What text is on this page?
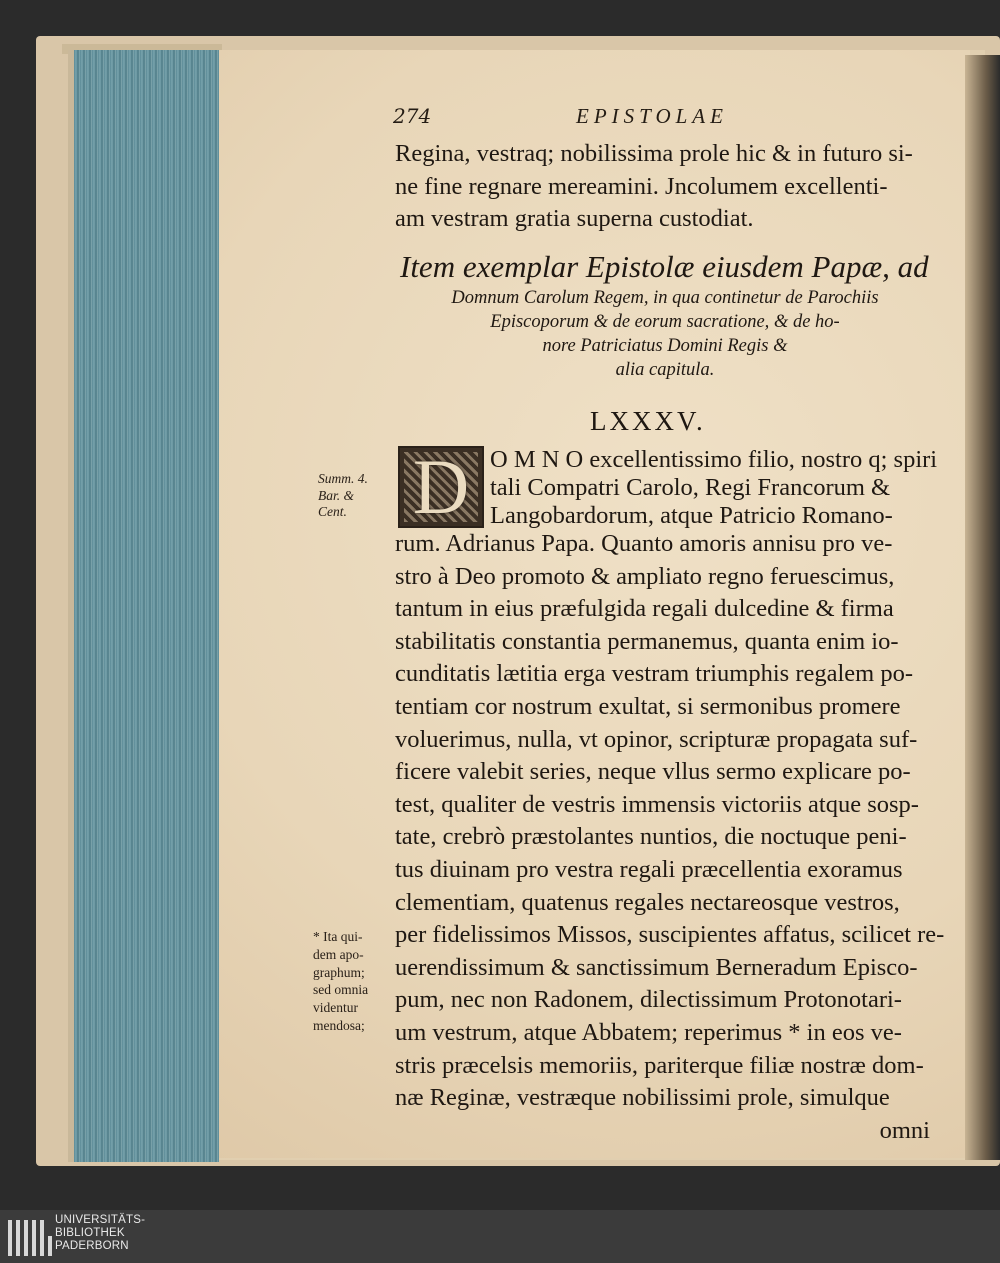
274	EPISTOLAE
Regina, vestraq; nobilissima prole hic & in futuro si-
ne fine regnare mereamini. Jncolumem excellenti-
am vestram gratia superna custodiat.
Item exemplar Epistolæ eiusdem Papæ, ad
Domnum Carolum Regem, in qua continetur de Parochiis
Episcoporum & de eorum sacratione, & de ho-
nore Patriciatus Domini Regis &
alia capitula.
LXXXV.
D O M N O excellentissimo filio, nostro q; spiri
tali Compatri Carolo, Regi Francorum &
Langobardorum, atque Patricio Romano-
rum. Adrianus Papa. Quanto amoris annisu pro ve-
stro à Deo promoto & ampliato regno feruescimus,
tantum in eius præfulgida regali dulcedine & firma
stabilitatis constantia permanemus, quanta enim io-
cunditatis lætitia erga vestram triumphis regalem po-
tentiam cor nostrum exultat, si sermonibus promere
voluerimus, nulla, vt opinor, scripturæ propagata suf-
ficere valebit series, neque vllus sermo explicare po-
test, qualiter de vestris immensis victoriis atque sosp-
tate, crebrò præstolantes nuntios, die noctuque peni-
tus diuinam pro vestra regali præcellentia exoramus
clementiam, quatenus regales nectareosque vestros,
per fidelissimos Missos, suscipientes affatus, scilicet re-
uerendissimum & sanctissimum Berneradum Episco-
pum, nec non Radonem, dilectissimum Protonotari-
um vestrum, atque Abbatem; reperimus * in eos ve-
stris præcelsis memoriis, pariterque filiæ nostræ dom-
næ Reginæ, vestræque nobilissimi prole, simulque
omni
Summ. 4.
Bar. &
Cent.
* Ita qui-
dem apo-
graphum;
sed omnia
videntur
mendosa;
UNIVERSITÄTS-
BIBLIOTHEK
PADERBORN
